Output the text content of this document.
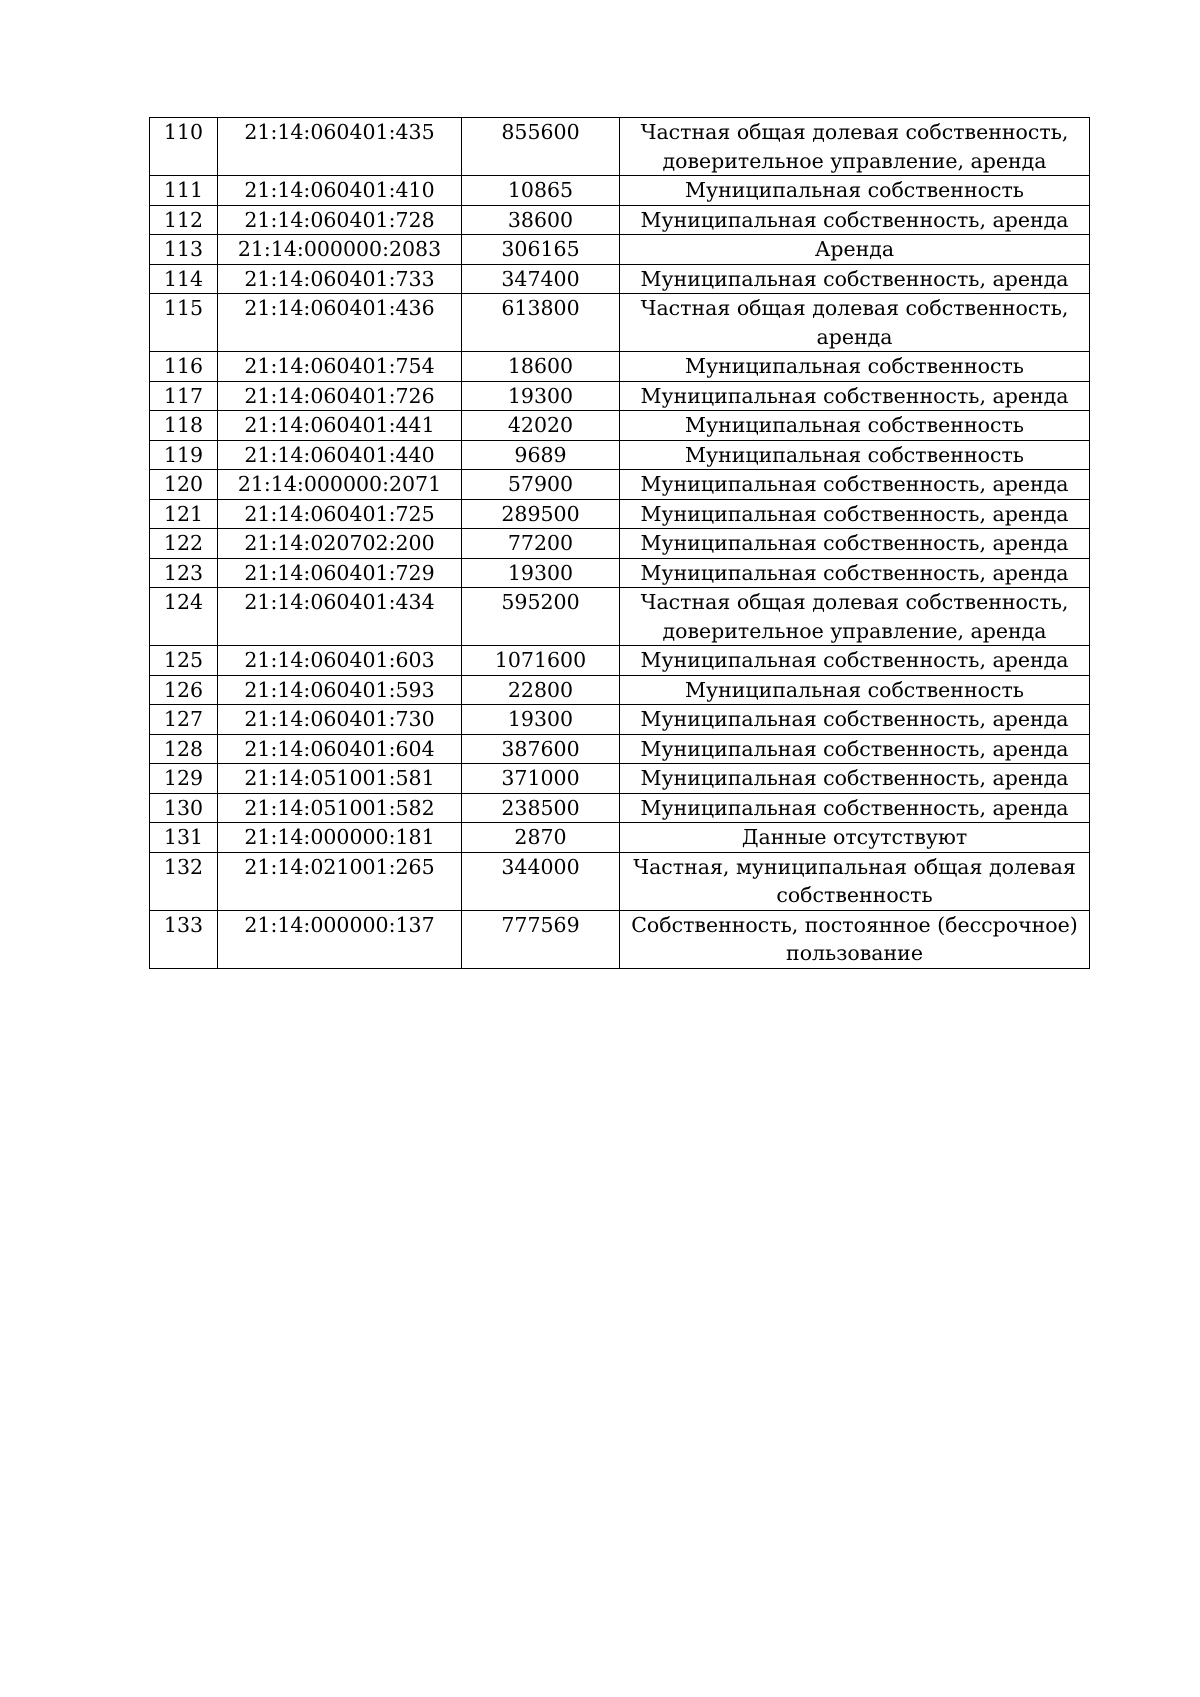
110	21:14:060401:435	855600	Частная общая долевая собственность, доверительное управление, аренда
111	21:14:060401:410	10865	Муниципальная собственность
112	21:14:060401:728	38600	Муниципальная собственность, аренда
113	21:14:000000:2083	306165	Аренда
114	21:14:060401:733	347400	Муниципальная собственность, аренда
115	21:14:060401:436	613800	Частная общая долевая собственность, аренда
116	21:14:060401:754	18600	Муниципальная собственность
117	21:14:060401:726	19300	Муниципальная собственность, аренда
118	21:14:060401:441	42020	Муниципальная собственность
119	21:14:060401:440	9689	Муниципальная собственность
120	21:14:000000:2071	57900	Муниципальная собственность, аренда
121	21:14:060401:725	289500	Муниципальная собственность, аренда
122	21:14:020702:200	77200	Муниципальная собственность, аренда
123	21:14:060401:729	19300	Муниципальная собственность, аренда
124	21:14:060401:434	595200	Частная общая долевая собственность, доверительное управление, аренда
125	21:14:060401:603	1071600	Муниципальная собственность, аренда
126	21:14:060401:593	22800	Муниципальная собственность
127	21:14:060401:730	19300	Муниципальная собственность, аренда
128	21:14:060401:604	387600	Муниципальная собственность, аренда
129	21:14:051001:581	371000	Муниципальная собственность, аренда
130	21:14:051001:582	238500	Муниципальная собственность, аренда
131	21:14:000000:181	2870	Данные отсутствуют
132	21:14:021001:265	344000	Частная, муниципальная общая долевая собственность
133	21:14:000000:137	777569	Собственность, постоянное (бессрочное) пользование
